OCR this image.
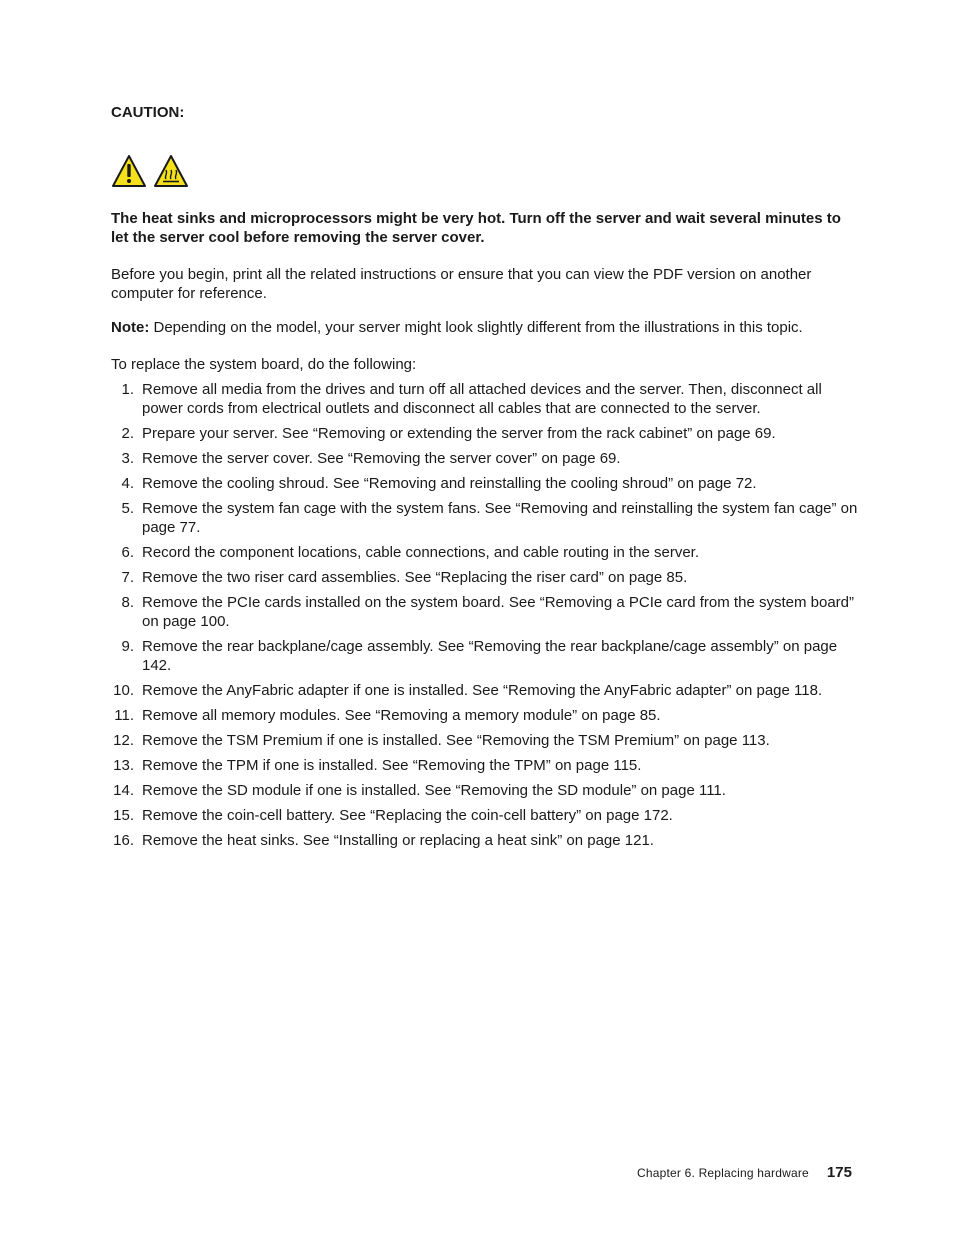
CAUTION:
The heat sinks and microprocessors might be very hot. Turn off the server and wait several minutes to let the server cool before removing the server cover.
Before you begin, print all the related instructions or ensure that you can view the PDF version on another computer for reference.
Note: Depending on the model, your server might look slightly different from the illustrations in this topic.
To replace the system board, do the following:
1. Remove all media from the drives and turn off all attached devices and the server. Then, disconnect all power cords from electrical outlets and disconnect all cables that are connected to the server.
2. Prepare your server. See “Removing or extending the server from the rack cabinet” on page 69.
3. Remove the server cover. See “Removing the server cover” on page 69.
4. Remove the cooling shroud. See “Removing and reinstalling the cooling shroud” on page 72.
5. Remove the system fan cage with the system fans. See “Removing and reinstalling the system fan cage” on page 77.
6. Record the component locations, cable connections, and cable routing in the server.
7. Remove the two riser card assemblies. See “Replacing the riser card” on page 85.
8. Remove the PCIe cards installed on the system board. See “Removing a PCIe card from the system board” on page 100.
9. Remove the rear backplane/cage assembly. See “Removing the rear backplane/cage assembly” on page 142.
10. Remove the AnyFabric adapter if one is installed. See “Removing the AnyFabric adapter” on page 118.
11. Remove all memory modules. See “Removing a memory module” on page 85.
12. Remove the TSM Premium if one is installed. See “Removing the TSM Premium” on page 113.
13. Remove the TPM if one is installed. See “Removing the TPM” on page 115.
14. Remove the SD module if one is installed. See “Removing the SD module” on page 111.
15. Remove the coin-cell battery. See “Replacing the coin-cell battery” on page 172.
16. Remove the heat sinks. See “Installing or replacing a heat sink” on page 121.
Chapter 6. Replacing hardware 175
